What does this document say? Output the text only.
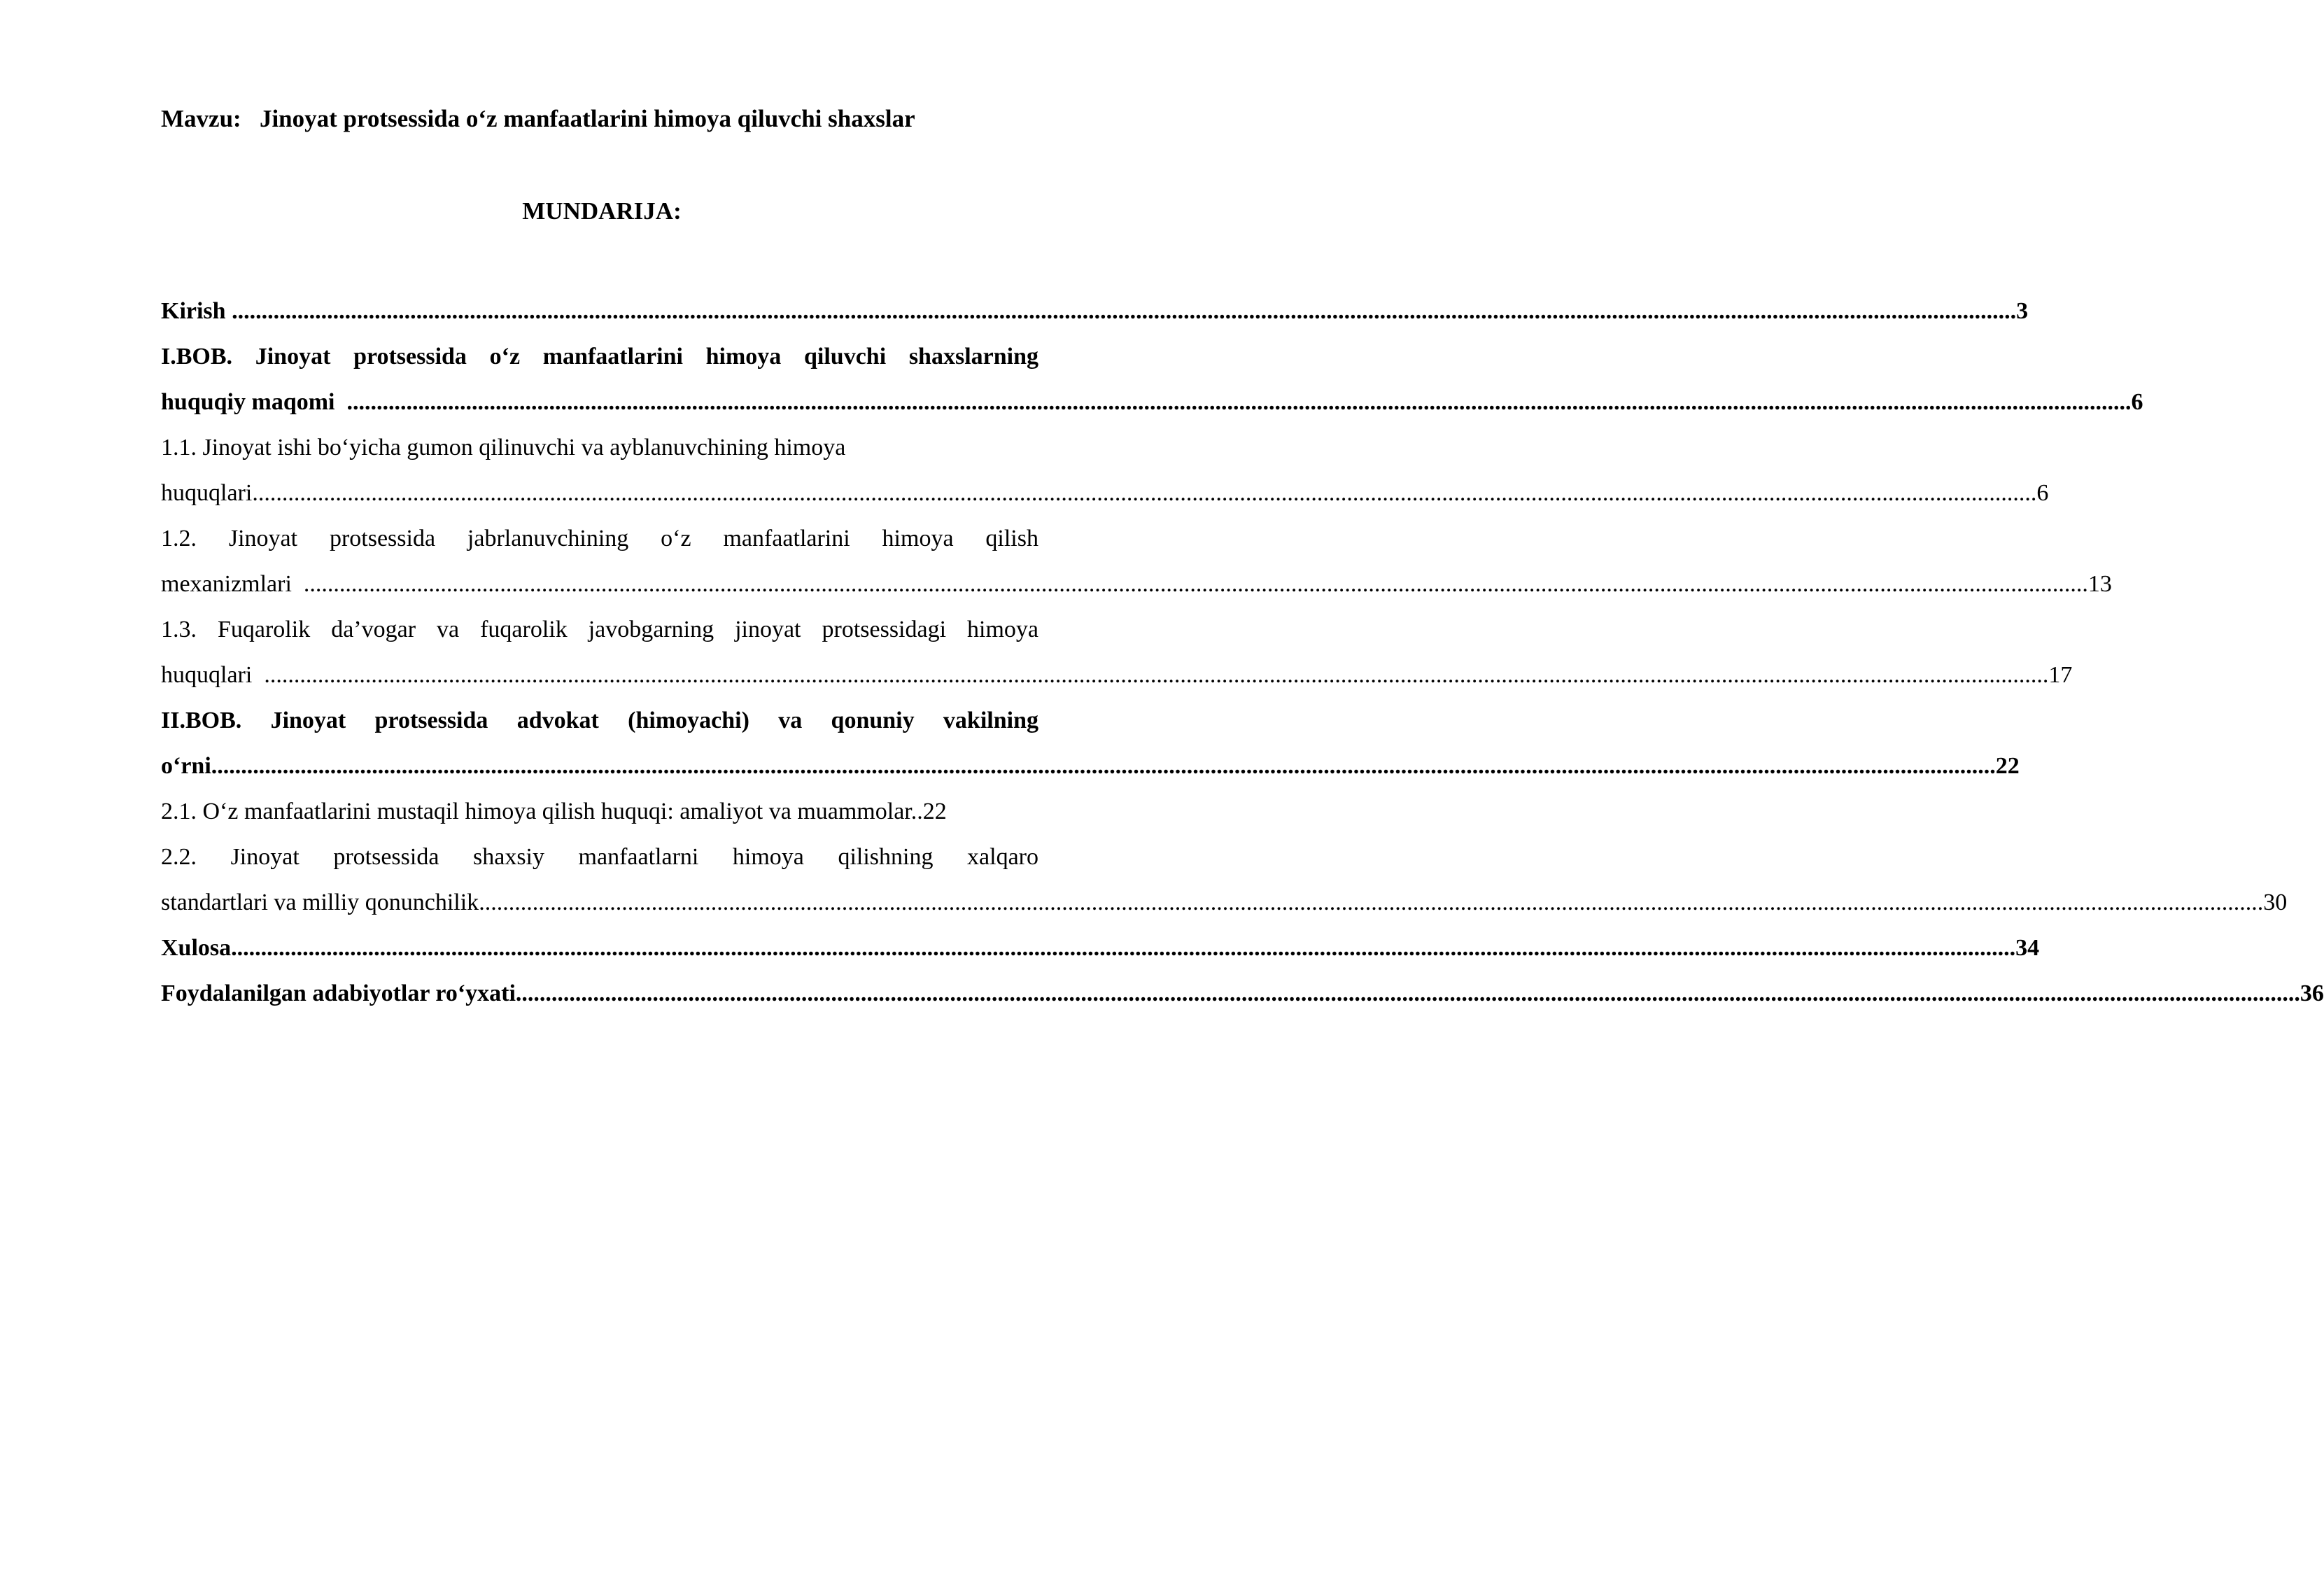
Mavzu:   Jinoyat protsessida o‘z manfaatlarini himoya qiluvchi shaxslar
MUNDARIJA:
Kirish ............................................................................................................................................................................................................................................................................................................ 3
I.BOB. Jinoyat protsessida o‘z manfaatlarini himoya qiluvchi shaxslarning
huquqiy maqomi ............................................................................................................................................................................................................................................................................................................ 6
1.1. Jinoyat ishi bo‘yicha gumon qilinuvchi va ayblanuvchining himoya
huquqlari ............................................................................................................................................................................................................................................................................................................ 6
1.2. Jinoyat protsessida jabrlanuvchining o‘z manfaatlarini himoya qilish
mexanizmlari ............................................................................................................................................................................................................................................................................................................ 13
1.3. Fuqarolik da’vogar va fuqarolik javobgarning jinoyat protsessidagi himoya
huquqlari ............................................................................................................................................................................................................................................................................................................ 17
II.BOB. Jinoyat protsessida advokat (himoyachi) va qonuniy vakilning
o‘rni ............................................................................................................................................................................................................................................................................................................ 22
2.1. O‘z manfaatlarini mustaqil himoya qilish huquqi: amaliyot va muammolar..22
2.2. Jinoyat protsessida shaxsiy manfaatlarni himoya qilishning xalqaro
standartlari va milliy qonunchilik ............................................................................................................................................................................................................................................................................................................ 30
Xulosa ............................................................................................................................................................................................................................................................................................................ 34
Foydalanilgan adabiyotlar ro‘yxati ............................................................................................................................................................................................................................................................................................................ 36
